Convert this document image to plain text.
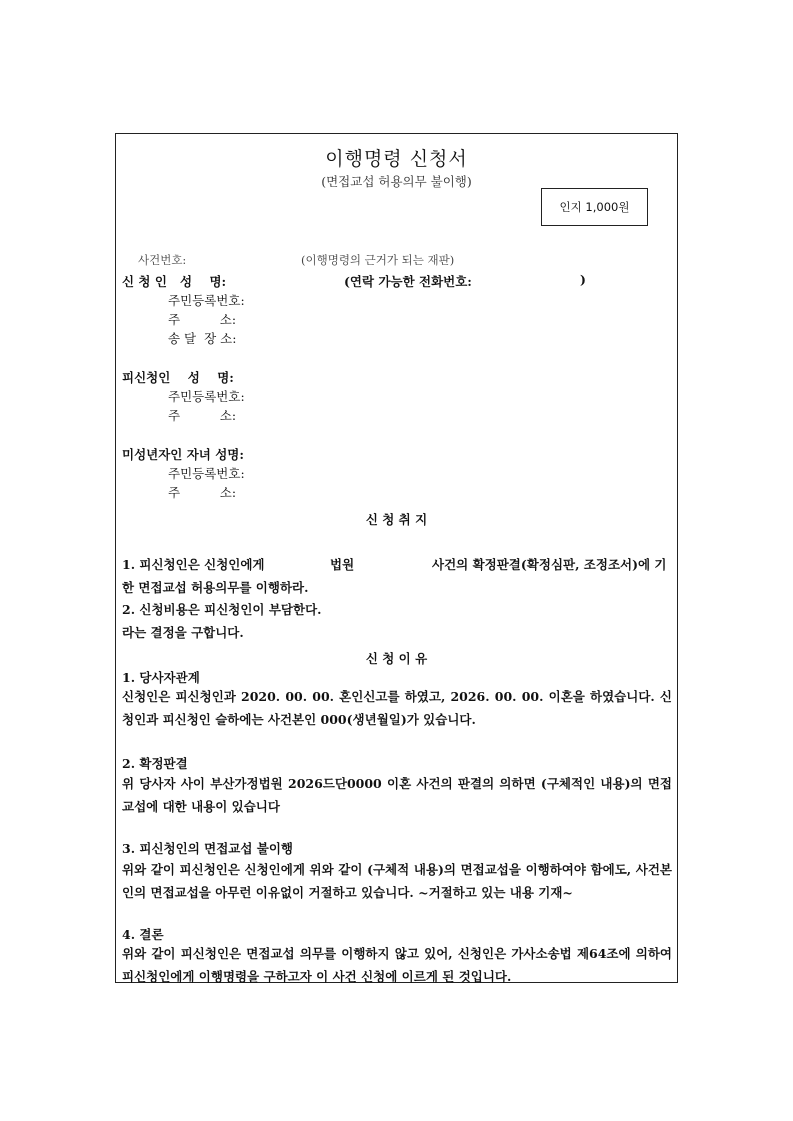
이행명령 신청서
(면접교섭 허용의무 불이행)
인지 1,000원
사건번호:	(이행명령의 근거가 되는 재판)
신 청 인   성    명:	(연락 가능한 전화번호:	)
주민등록번호:
주          소:
송 달  장 소:
피신청인    성    명:
주민등록번호:
주          소:
미성년자인 자녀 성명:
주민등록번호:
주          소:
신 청 취 지
1. 피신청인은 신청인에게	법원	사건의 확정판결(확정심판, 조정조서)에 기
한 면접교섭 허용의무를 이행하라.
2. 신청비용은 피신청인이 부담한다.
라는 결정을 구합니다.
신 청 이 유
1. 당사자관계
신청인은 피신청인과 2020. 00. 00. 혼인신고를 하였고, 2026. 00. 00. 이혼을 하였습니다. 신청인과 피신청인 슬하에는 사건본인 000(생년월일)가 있습니다.
2. 확정판결
위 당사자 사이 부산가정법원 2026드단0000 이혼 사건의 판결의 의하면 (구체적인 내용)의 면접교섭에 대한 내용이 있습니다
3. 피신청인의 면접교섭 불이행
위와 같이 피신청인은 신청인에게 위와 같이 (구체적 내용)의 면접교섭을 이행하여야 함에도, 사건본인의 면접교섭을 아무런 이유없이 거절하고 있습니다. ~거절하고 있는 내용 기재~
4. 결론
위와 같이 피신청인은 면접교섭 의무를 이행하지 않고 있어, 신청인은 가사소송법 제64조에 의하여 피신청인에게 이행명령을 구하고자 이 사건 신청에 이르게 된 것입니다.
